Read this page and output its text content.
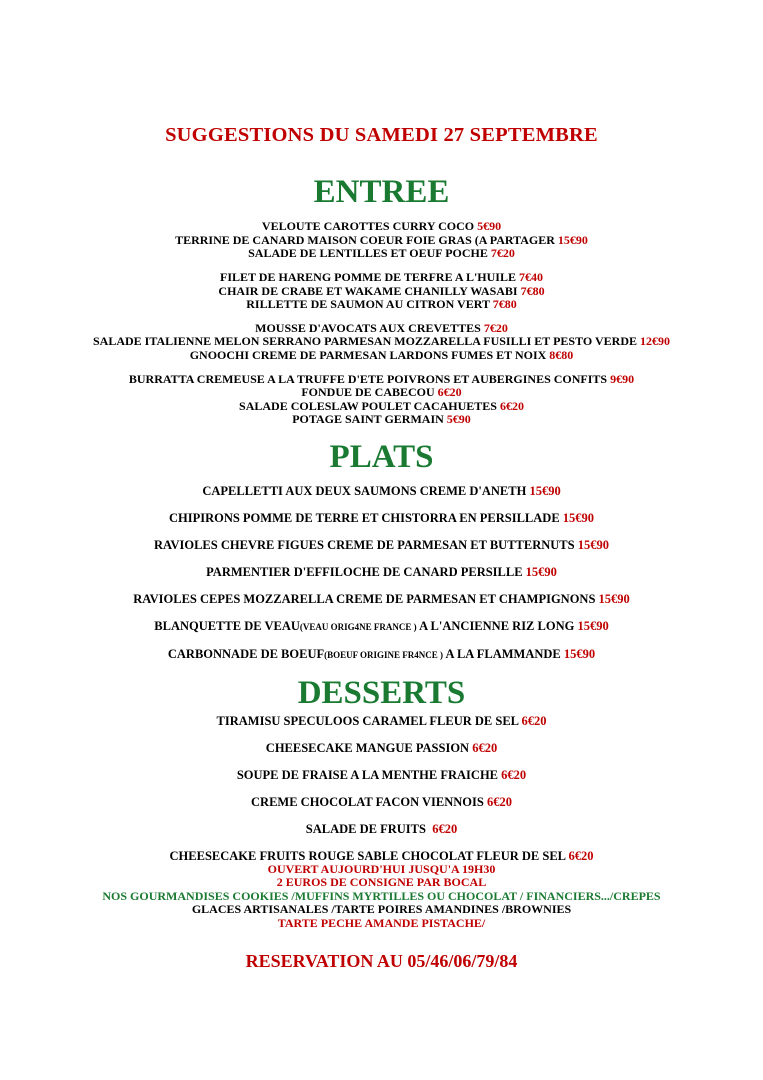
SUGGESTIONS DU SAMEDI 27 SEPTEMBRE
ENTREE
VELOUTE CAROTTES CURRY COCO 5€90
TERRINE DE CANARD MAISON COEUR FOIE GRAS (A PARTAGER 15€90
SALADE DE LENTILLES ET OEUF POCHE 7€20
FILET DE HARENG POMME DE TERFRE A L'HUILE 7€40
CHAIR DE CRABE ET WAKAME CHANILLY WASABI 7€80
RILLETTE DE SAUMON AU CITRON VERT 7€80
MOUSSE D'AVOCATS AUX CREVETTES 7€20
SALADE ITALIENNE MELON SERRANO PARMESAN MOZZARELLA FUSILLI ET PESTO VERDE 12€90
GNOOCHI CREME DE PARMESAN LARDONS FUMES ET NOIX 8€80
BURRATTA CREMEUSE A LA TRUFFE D'ETE POIVRONS ET AUBERGINES CONFITS 9€90
FONDUE DE CABECOU 6€20
SALADE COLESLAW POULET CACAHUETES 6€20
POTAGE SAINT GERMAIN 5€90
PLATS
CAPELLETTI AUX DEUX SAUMONS CREME D'ANETH 15€90
CHIPIRONS POMME DE TERRE ET CHISTORRA EN PERSILLADE 15€90
RAVIOLES CHEVRE FIGUES CREME DE PARMESAN ET BUTTERNUTS 15€90
PARMENTIER D'EFFILOCHE DE CANARD PERSILLE 15€90
RAVIOLES CEPES MOZZARELLA CREME DE PARMESAN ET CHAMPIGNONS 15€90
BLANQUETTE DE VEAU(VEAU ORIG4NE FRANCE ) A L'ANCIENNE RIZ LONG 15€90
CARBONNADE DE BOEUF(BOEUF ORIGINE FR4NCE ) A LA FLAMMANDE 15€90
DESSERTS
TIRAMISU SPECULOOS CARAMEL FLEUR DE SEL 6€20
CHEESECAKE MANGUE PASSION 6€20
SOUPE DE FRAISE A LA MENTHE FRAICHE 6€20
CREME CHOCOLAT FACON VIENNOIS 6€20
SALADE DE FRUITS 6€20
CHEESECAKE FRUITS ROUGE SABLE CHOCOLAT FLEUR DE SEL 6€20
OUVERT AUJOURD'HUI JUSQU'A 19H30
2 EUROS DE CONSIGNE PAR BOCAL
NOS GOURMANDISES COOKIES /MUFFINS MYRTILLES OU CHOCOLAT / FINANCIERS.../CREPES
GLACES ARTISANALES /TARTE POIRES AMANDINES /BROWNIES
TARTE PECHE AMANDE PISTACHE/
RESERVATION AU 05/46/06/79/84
